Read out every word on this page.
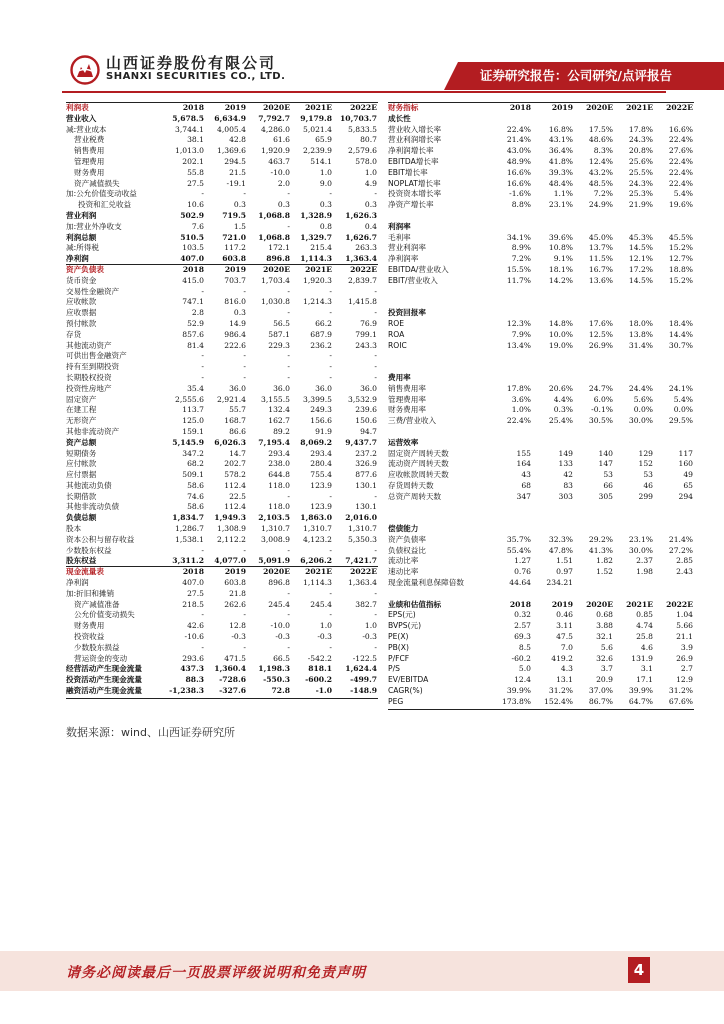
山西证券股份有限公司
SHANXI SECURITIES CO., LTD.	证券研究报告：公司研究/点评报告
利润表	2018	2019	2020E	2021E	2022E
营业收入	5,678.5	6,634.9	7,792.7	9,179.8	10,703.7
减:营业成本	3,744.1	4,005.4	4,286.0	5,021.4	5,833.5
营业税费	38.1	42.8	61.6	65.9	80.7
销售费用	1,013.0	1,369.6	1,920.9	2,239.9	2,579.6
管理费用	202.1	294.5	463.7	514.1	578.0
财务费用	55.8	21.5	-10.0	1.0	1.0
资产减值损失	27.5	-19.1	2.0	9.0	4.9
加:公允价值变动收益	-	-	-	-	-
投资和汇兑收益	10.6	0.3	0.3	0.3	0.3
营业利润	502.9	719.5	1,068.8	1,328.9	1,626.3
加:营业外净收支	7.6	1.5	-	0.8	0.4
利润总额	510.5	721.0	1,068.8	1,329.7	1,626.7
减:所得税	103.5	117.2	172.1	215.4	263.3
净利润	407.0	603.8	896.8	1,114.3	1,363.4
资产负债表	2018	2019	2020E	2021E	2022E
货币资金	415.0	703.7	1,703.4	1,920.3	2,839.7
交易性金融资产	-	-	-	-	-
应收帐款	747.1	816.0	1,030.8	1,214.3	1,415.8
应收票据	2.8	0.3	-	-	-
预付帐款	52.9	14.9	56.5	66.2	76.9
存货	857.6	986.4	587.1	687.9	799.1
其他流动资产	81.4	222.6	229.3	236.2	243.3
可供出售金融资产	-	-	-	-	-
持有至到期投资	-	-	-	-	-
长期股权投资	-	-	-	-	-
投资性房地产	35.4	36.0	36.0	36.0	36.0
固定资产	2,555.6	2,921.4	3,155.5	3,399.5	3,532.9
在建工程	113.7	55.7	132.4	249.3	239.6
无形资产	125.0	168.7	162.7	156.6	150.6
其他非流动资产	159.1	86.6	89.2	91.9	94.7
资产总额	5,145.9	6,026.3	7,195.4	8,069.2	9,437.7
短期债务	347.2	14.7	293.4	293.4	237.2
应付帐款	68.2	202.7	238.0	280.4	326.9
应付票据	509.1	578.2	644.8	755.4	877.6
其他流动负债	58.6	112.4	118.0	123.9	130.1
长期借款	74.6	22.5	-	-	-
其他非流动负债	58.6	112.4	118.0	123.9	130.1
负债总额	1,834.7	1,949.3	2,103.5	1,863.0	2,016.0
股本	1,286.7	1,308.9	1,310.7	1,310.7	1,310.7
资本公积与留存收益	1,538.1	2,112.2	3,008.9	4,123.2	5,350.3
少数股东权益	-	-	-	-	-
股东权益	3,311.2	4,077.0	5,091.9	6,206.2	7,421.7
现金流量表	2018	2019	2020E	2021E	2022E
净利润	407.0	603.8	896.8	1,114.3	1,363.4
加:折旧和摊销	27.5	21.8	-	-	-
资产减值准备	218.5	262.6	245.4	245.4	382.7
公允价值变动损失	-	-	-	-	-
财务费用	42.6	12.8	-10.0	1.0	1.0
投资收益	-10.6	-0.3	-0.3	-0.3	-0.3
少数股东损益	-	-	-	-	-
营运资金的变动	293.6	471.5	66.5	-542.2	-122.5
经营活动产生现金流量	437.3	1,360.4	1,198.3	818.1	1,624.4
投资活动产生现金流量	88.3	-728.6	-550.3	-600.2	-499.7
融资活动产生现金流量	-1,238.3	-327.6	72.8	-1.0	-148.9
财务指标	2018	2019	2020E	2021E	2022E
成长性					
营业收入增长率	22.4%	16.8%	17.5%	17.8%	16.6%
营业利润增长率	21.4%	43.1%	48.6%	24.3%	22.4%
净利润增长率	43.0%	36.4%	8.3%	20.8%	27.6%
EBITDA增长率	48.9%	41.8%	12.4%	25.6%	22.4%
EBIT增长率	16.6%	39.3%	43.2%	25.5%	22.4%
NOPLAT增长率	16.6%	48.4%	48.5%	24.3%	22.4%
投资资本增长率	-1.6%	1.1%	7.2%	25.3%	5.4%
净资产增长率	8.8%	23.1%	24.9%	21.9%	19.6%

利润率					
毛利率	34.1%	39.6%	45.0%	45.3%	45.5%
营业利润率	8.9%	10.8%	13.7%	14.5%	15.2%
净利润率	7.2%	9.1%	11.5%	12.1%	12.7%
EBITDA/营业收入	15.5%	18.1%	16.7%	17.2%	18.8%
EBIT/营业收入	11.7%	14.2%	13.6%	14.5%	15.2%

投资回报率					
ROE	12.3%	14.8%	17.6%	18.0%	18.4%
ROA	7.9%	10.0%	12.5%	13.8%	14.4%
ROIC	13.4%	19.0%	26.9%	31.4%	30.7%

费用率					
销售费用率	17.8%	20.6%	24.7%	24.4%	24.1%
管理费用率	3.6%	4.4%	6.0%	5.6%	5.4%
财务费用率	1.0%	0.3%	-0.1%	0.0%	0.0%
三费/营业收入	22.4%	25.4%	30.5%	30.0%	29.5%

运营效率					
固定资产周转天数	155	149	140	129	117
流动资产周转天数	164	133	147	152	160
应收帐款周转天数	43	42	53	53	49
存货周转天数	68	83	66	46	65
总资产周转天数	347	303	305	299	294

偿债能力					
资产负债率	35.7%	32.3%	29.2%	23.1%	21.4%
负债权益比	55.4%	47.8%	41.3%	30.0%	27.2%
流动比率	1.27	1.51	1.82	2.37	2.85
速动比率	0.76	0.97	1.52	1.98	2.43
现金流量利息保障倍数	44.64	234.21			

业绩和估值指标	2018	2019	2020E	2021E	2022E
EPS(元)	0.32	0.46	0.68	0.85	1.04
BVPS(元)	2.57	3.11	3.88	4.74	5.66
PE(X)	69.3	47.5	32.1	25.8	21.1
PB(X)	8.5	7.0	5.6	4.6	3.9
P/FCF	-60.2	419.2	32.6	131.9	26.9
P/S	5.0	4.3	3.7	3.1	2.7
EV/EBITDA	12.4	13.1	20.9	17.1	12.9
CAGR(%)	39.9%	31.2%	37.0%	39.9%	31.2%
PEG	173.8%	152.4%	86.7%	64.7%	67.6%
数据来源：wind、山西证券研究所
请务必阅读最后一页股票评级说明和免责声明	4
